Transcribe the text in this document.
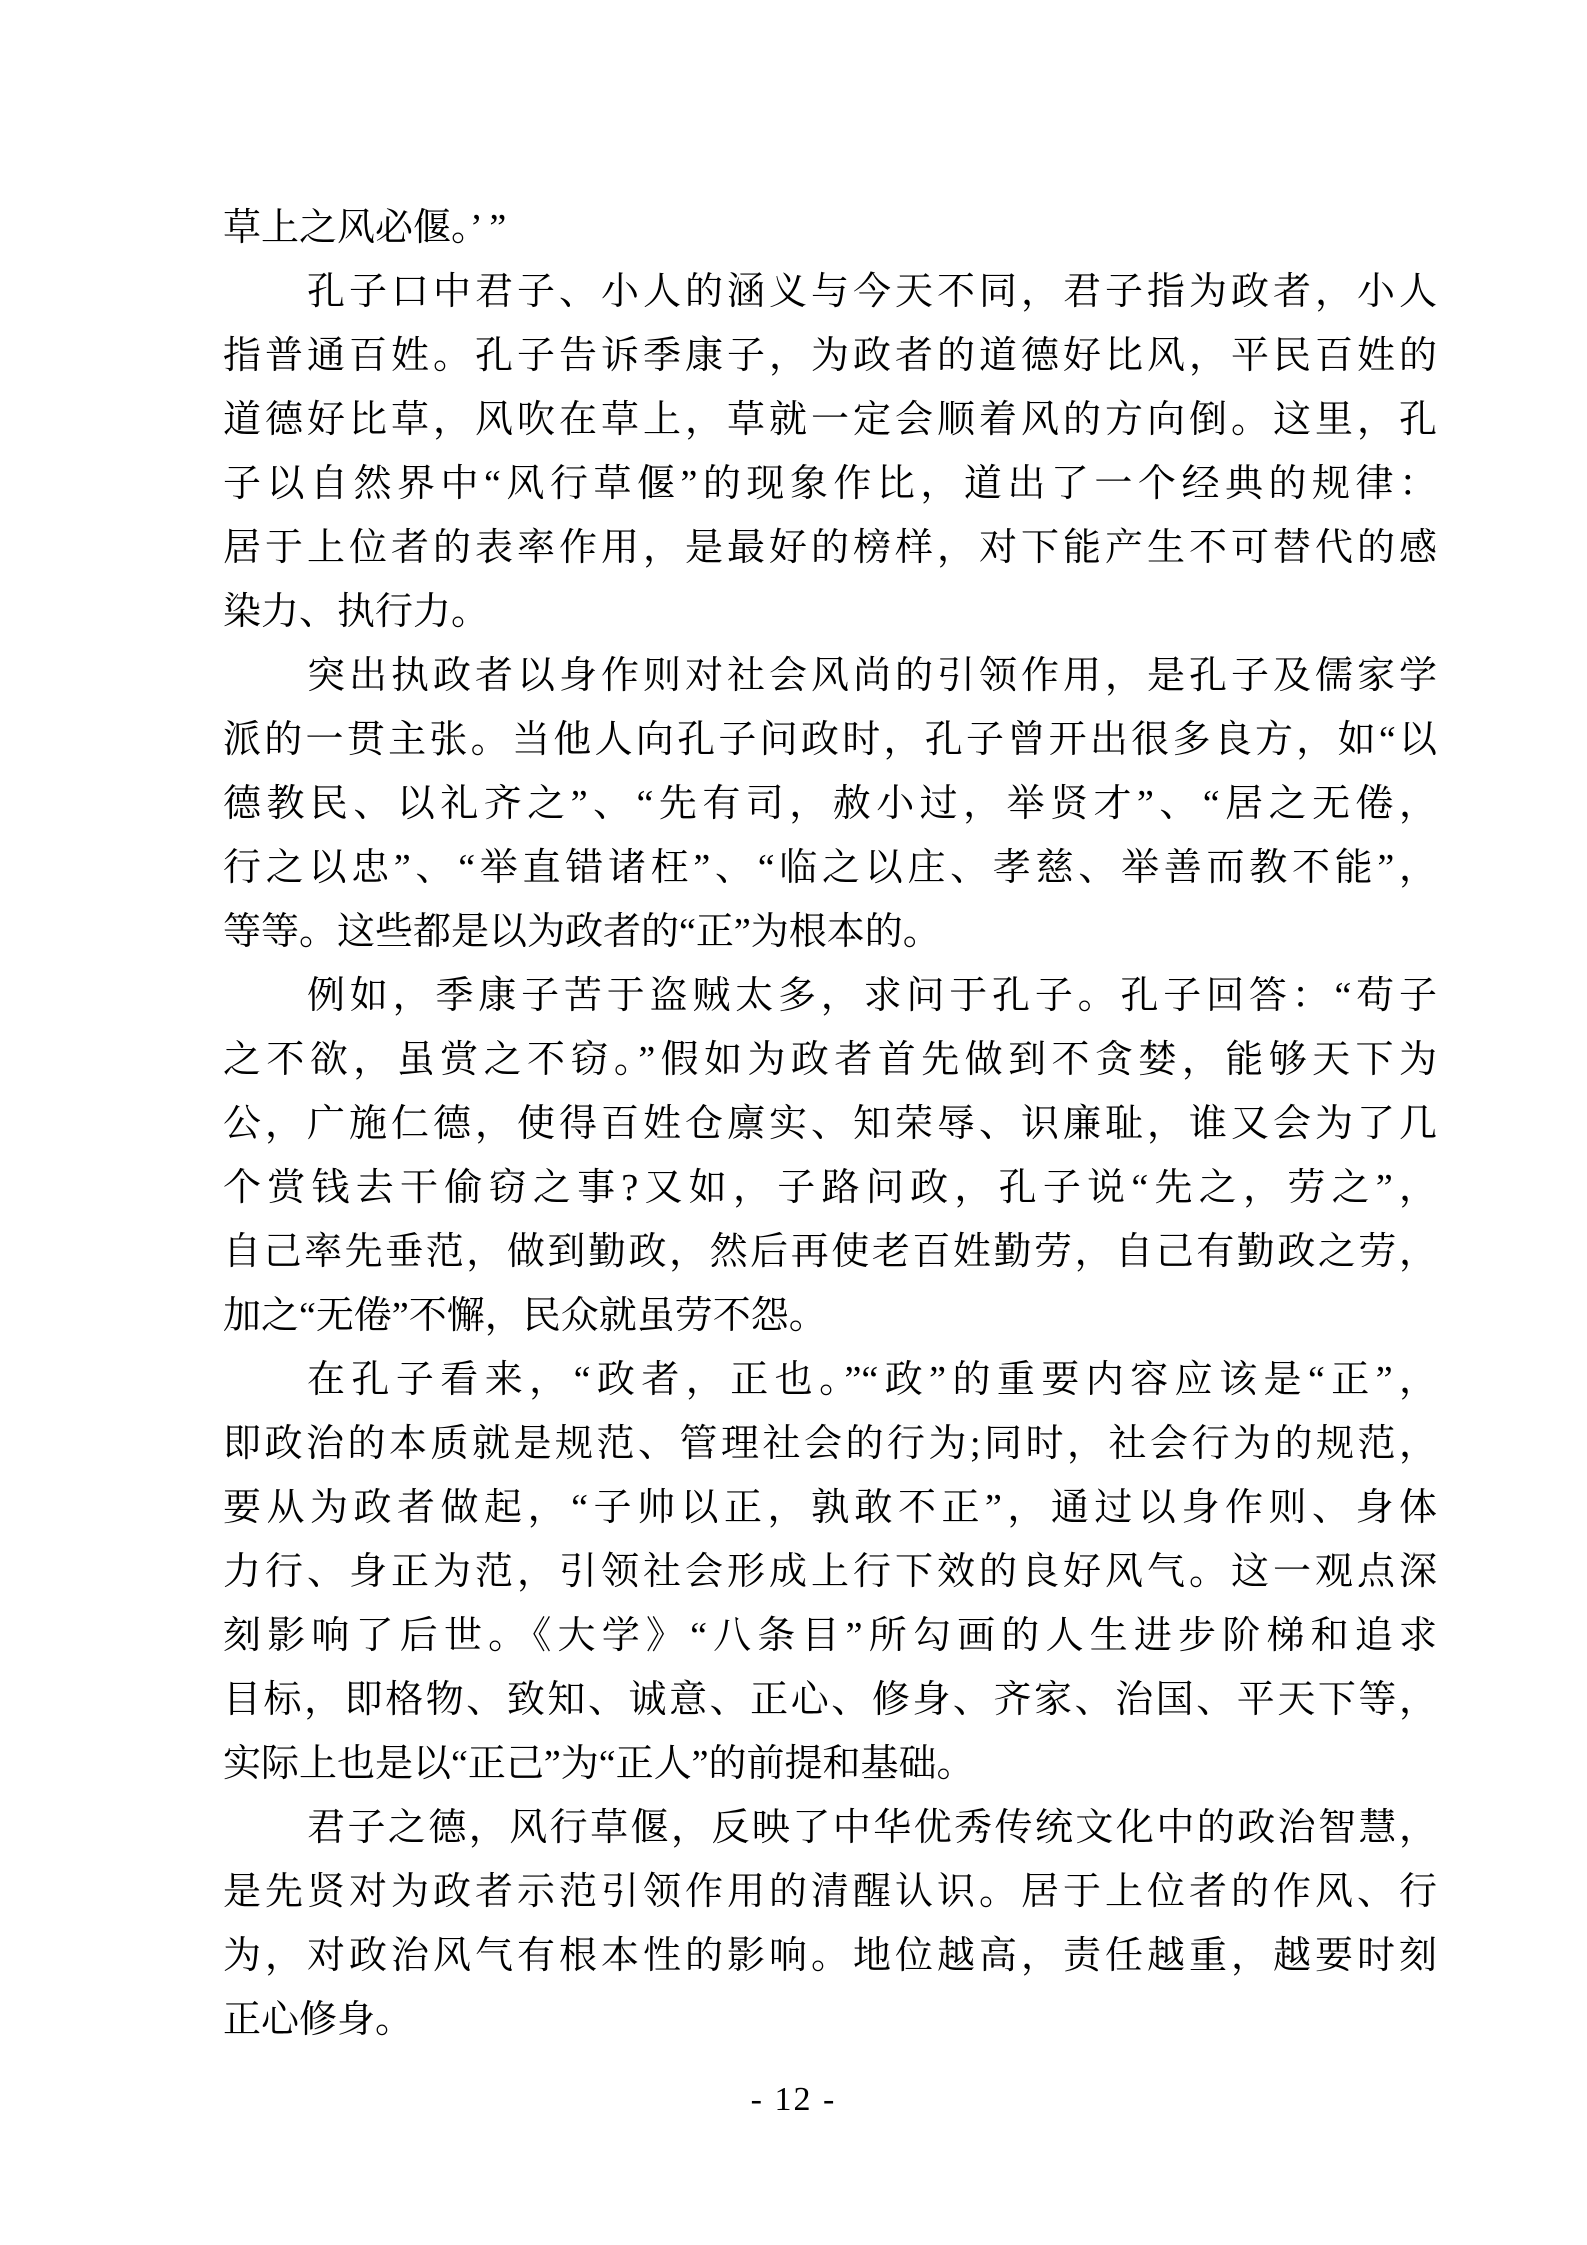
草上之风必偃。’ ”
孔子口中君子、小人的涵义与今天不同，君子指为政者，小人
指普通百姓。孔子告诉季康子，为政者的道德好比风，平民百姓的
道德好比草，风吹在草上，草就一定会顺着风的方向倒。这里，孔
子以自然界中“风行草偃”的现象作比，道出了一个经典的规律：
居于上位者的表率作用，是最好的榜样，对下能产生不可替代的感
染力、执行力。
突出执政者以身作则对社会风尚的引领作用，是孔子及儒家学
派的一贯主张。当他人向孔子问政时，孔子曾开出很多良方，如“以
德教民、以礼齐之”、“先有司，赦小过，举贤才”、“居之无倦，
行之以忠”、“举直错诸枉”、“临之以庄、孝慈、举善而教不能”，
等等。这些都是以为政者的“正”为根本的。
例如，季康子苦于盗贼太多，求问于孔子。孔子回答：“苟子
之不欲，虽赏之不窃。”假如为政者首先做到不贪婪，能够天下为
公，广施仁德，使得百姓仓廪实、知荣辱、识廉耻，谁又会为了几
个赏钱去干偷窃之事?又如，子路问政，孔子说“先之，劳之”，
自己率先垂范，做到勤政，然后再使老百姓勤劳，自己有勤政之劳，
加之“无倦”不懈，民众就虽劳不怨。
在孔子看来，“政者，正也。”“政”的重要内容应该是“正”，
即政治的本质就是规范、管理社会的行为;同时，社会行为的规范，
要从为政者做起，“子帅以正，孰敢不正”，通过以身作则、身体
力行、身正为范，引领社会形成上行下效的良好风气。这一观点深
刻影响了后世。《大学》“八条目”所勾画的人生进步阶梯和追求
目标，即格物、致知、诚意、正心、修身、齐家、治国、平天下等，
实际上也是以“正己”为“正人”的前提和基础。
君子之德，风行草偃，反映了中华优秀传统文化中的政治智慧，
是先贤对为政者示范引领作用的清醒认识。居于上位者的作风、行
为，对政治风气有根本性的影响。地位越高，责任越重，越要时刻
正心修身。
- 12 -
